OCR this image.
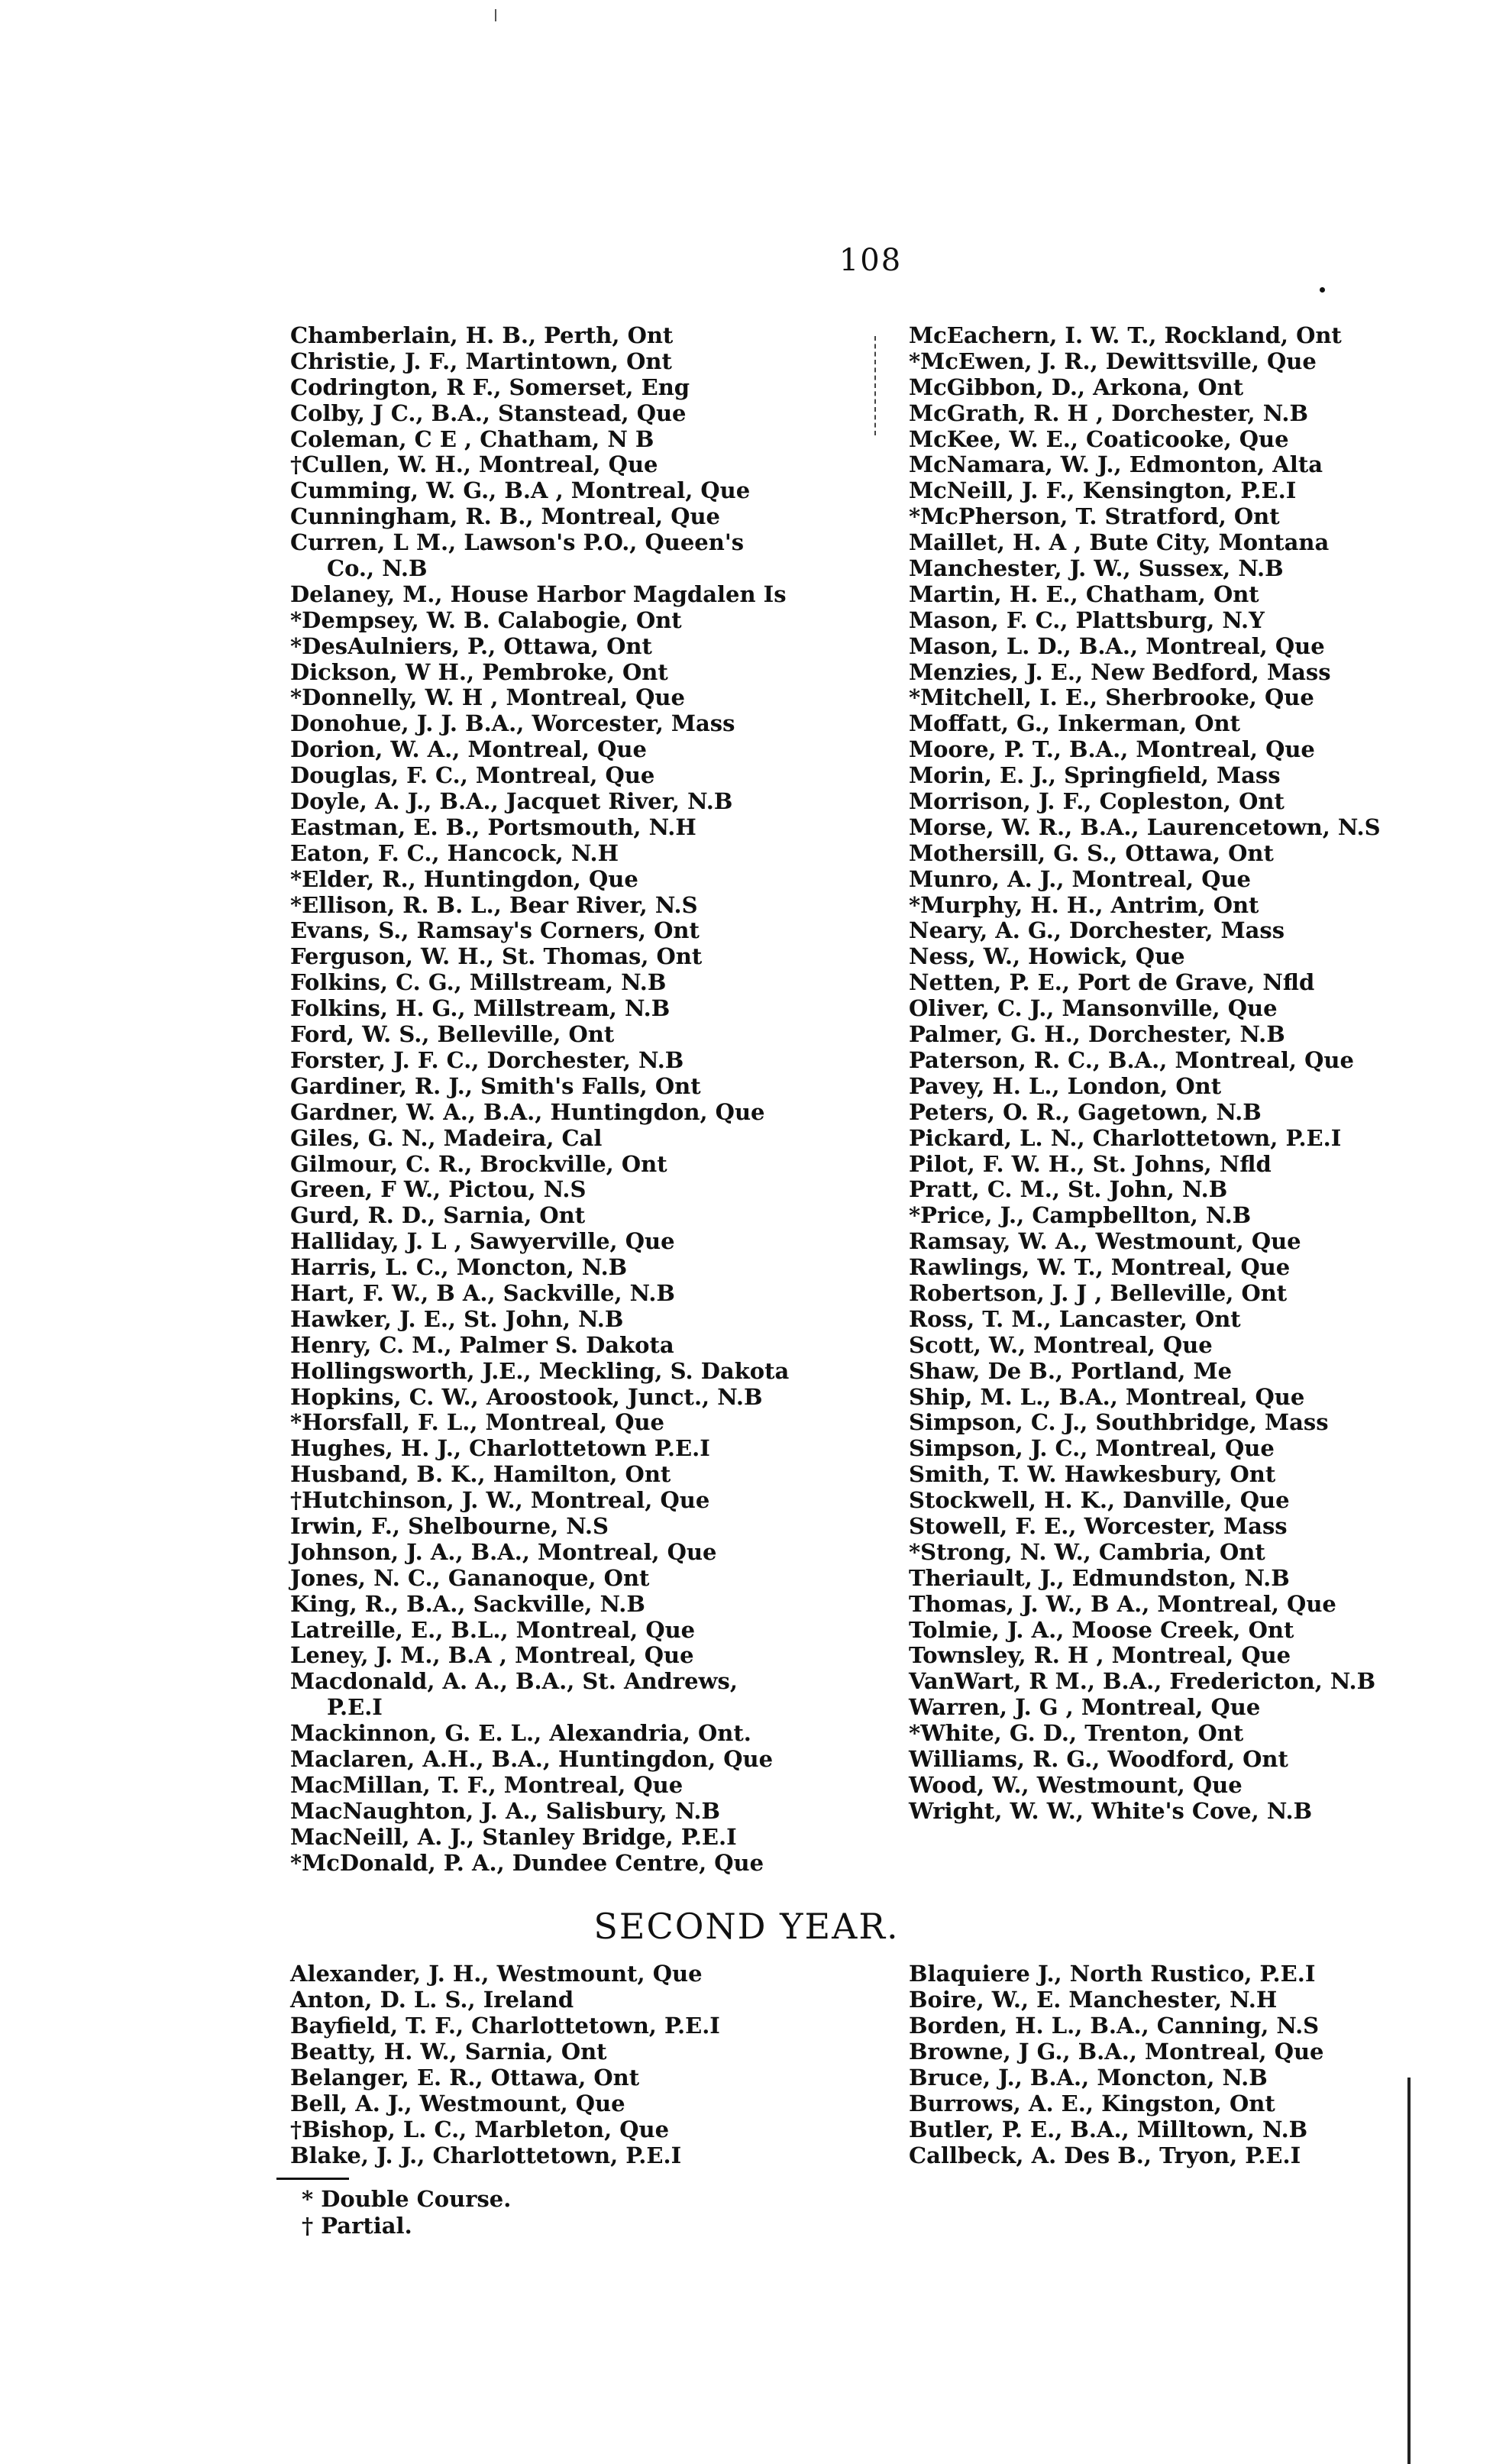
108
Chamberlain, H. B., Perth, Ont
Christie, J. F., Martintown, Ont
Codrington, R F., Somerset, Eng
Colby, J C., B.A., Stanstead, Que
Coleman, C E , Chatham, N B
†Cullen, W. H., Montreal, Que
Cumming, W. G., B.A , Montreal, Que
Cunningham, R. B., Montreal, Que
Curren, L M., Lawson's P.O., Queen's
Co., N.B
Delaney, M., House Harbor Magdalen Is
*Dempsey, W. B. Calabogie, Ont
*DesAulniers, P., Ottawa, Ont
Dickson, W H., Pembroke, Ont
*Donnelly, W. H , Montreal, Que
Donohue, J. J. B.A., Worcester, Mass
Dorion, W. A., Montreal, Que
Douglas, F. C., Montreal, Que
Doyle, A. J., B.A., Jacquet River, N.B
Eastman, E. B., Portsmouth, N.H
Eaton, F. C., Hancock, N.H
*Elder, R., Huntingdon, Que
*Ellison, R. B. L., Bear River, N.S
Evans, S., Ramsay's Corners, Ont
Ferguson, W. H., St. Thomas, Ont
Folkins, C. G., Millstream, N.B
Folkins, H. G., Millstream, N.B
Ford, W. S., Belleville, Ont
Forster, J. F. C., Dorchester, N.B
Gardiner, R. J., Smith's Falls, Ont
Gardner, W. A., B.A., Huntingdon, Que
Giles, G. N., Madeira, Cal
Gilmour, C. R., Brockville, Ont
Green, F W., Pictou, N.S
Gurd, R. D., Sarnia, Ont
Halliday, J. L , Sawyerville, Que
Harris, L. C., Moncton, N.B
Hart, F. W., B A., Sackville, N.B
Hawker, J. E., St. John, N.B
Henry, C. M., Palmer S. Dakota
Hollingsworth, J.E., Meckling, S. Dakota
Hopkins, C. W., Aroostook, Junct., N.B
*Horsfall, F. L., Montreal, Que
Hughes, H. J., Charlottetown P.E.I
Husband, B. K., Hamilton, Ont
†Hutchinson, J. W., Montreal, Que
Irwin, F., Shelbourne, N.S
Johnson, J. A., B.A., Montreal, Que
Jones, N. C., Gananoque, Ont
King, R., B.A., Sackville, N.B
Latreille, E., B.L., Montreal, Que
Leney, J. M., B.A , Montreal, Que
Macdonald, A. A., B.A., St. Andrews,
P.E.I
Mackinnon, G. E. L., Alexandria, Ont.
Maclaren, A.H., B.A., Huntingdon, Que
MacMillan, T. F., Montreal, Que
MacNaughton, J. A., Salisbury, N.B
MacNeill, A. J., Stanley Bridge, P.E.I
*McDonald, P. A., Dundee Centre, Que
McEachern, I. W. T., Rockland, Ont
*McEwen, J. R., Dewittsville, Que
McGibbon, D., Arkona, Ont
McGrath, R. H , Dorchester, N.B
McKee, W. E., Coaticooke, Que
McNamara, W. J., Edmonton, Alta
McNeill, J. F., Kensington, P.E.I
*McPherson, T. Stratford, Ont
Maillet, H. A , Bute City, Montana
Manchester, J. W., Sussex, N.B
Martin, H. E., Chatham, Ont
Mason, F. C., Plattsburg, N.Y
Mason, L. D., B.A., Montreal, Que
Menzies, J. E., New Bedford, Mass
*Mitchell, I. E., Sherbrooke, Que
Moffatt, G., Inkerman, Ont
Moore, P. T., B.A., Montreal, Que
Morin, E. J., Springfield, Mass
Morrison, J. F., Copleston, Ont
Morse, W. R., B.A., Laurencetown, N.S
Mothersill, G. S., Ottawa, Ont
Munro, A. J., Montreal, Que
*Murphy, H. H., Antrim, Ont
Neary, A. G., Dorchester, Mass
Ness, W., Howick, Que
Netten, P. E., Port de Grave, Nfld
Oliver, C. J., Mansonville, Que
Palmer, G. H., Dorchester, N.B
Paterson, R. C., B.A., Montreal, Que
Pavey, H. L., London, Ont
Peters, O. R., Gagetown, N.B
Pickard, L. N., Charlottetown, P.E.I
Pilot, F. W. H., St. Johns, Nfld
Pratt, C. M., St. John, N.B
*Price, J., Campbellton, N.B
Ramsay, W. A., Westmount, Que
Rawlings, W. T., Montreal, Que
Robertson, J. J , Belleville, Ont
Ross, T. M., Lancaster, Ont
Scott, W., Montreal, Que
Shaw, De B., Portland, Me
Ship, M. L., B.A., Montreal, Que
Simpson, C. J., Southbridge, Mass
Simpson, J. C., Montreal, Que
Smith, T. W. Hawkesbury, Ont
Stockwell, H. K., Danville, Que
Stowell, F. E., Worcester, Mass
*Strong, N. W., Cambria, Ont
Theriault, J., Edmundston, N.B
Thomas, J. W., B A., Montreal, Que
Tolmie, J. A., Moose Creek, Ont
Townsley, R. H , Montreal, Que
VanWart, R M., B.A., Fredericton, N.B
Warren, J. G , Montreal, Que
*White, G. D., Trenton, Ont
Williams, R. G., Woodford, Ont
Wood, W., Westmount, Que
Wright, W. W., White's Cove, N.B
SECOND YEAR.
Alexander, J. H., Westmount, Que
Anton, D. L. S., Ireland
Bayfield, T. F., Charlottetown, P.E.I
Beatty, H. W., Sarnia, Ont
Belanger, E. R., Ottawa, Ont
Bell, A. J., Westmount, Que
†Bishop, L. C., Marbleton, Que
Blake, J. J., Charlottetown, P.E.I
Blaquiere J., North Rustico, P.E.I
Boire, W., E. Manchester, N.H
Borden, H. L., B.A., Canning, N.S
Browne, J G., B.A., Montreal, Que
Bruce, J., B.A., Moncton, N.B
Burrows, A. E., Kingston, Ont
Butler, P. E., B.A., Milltown, N.B
Callbeck, A. Des B., Tryon, P.E.I
* Double Course.
† Partial.
